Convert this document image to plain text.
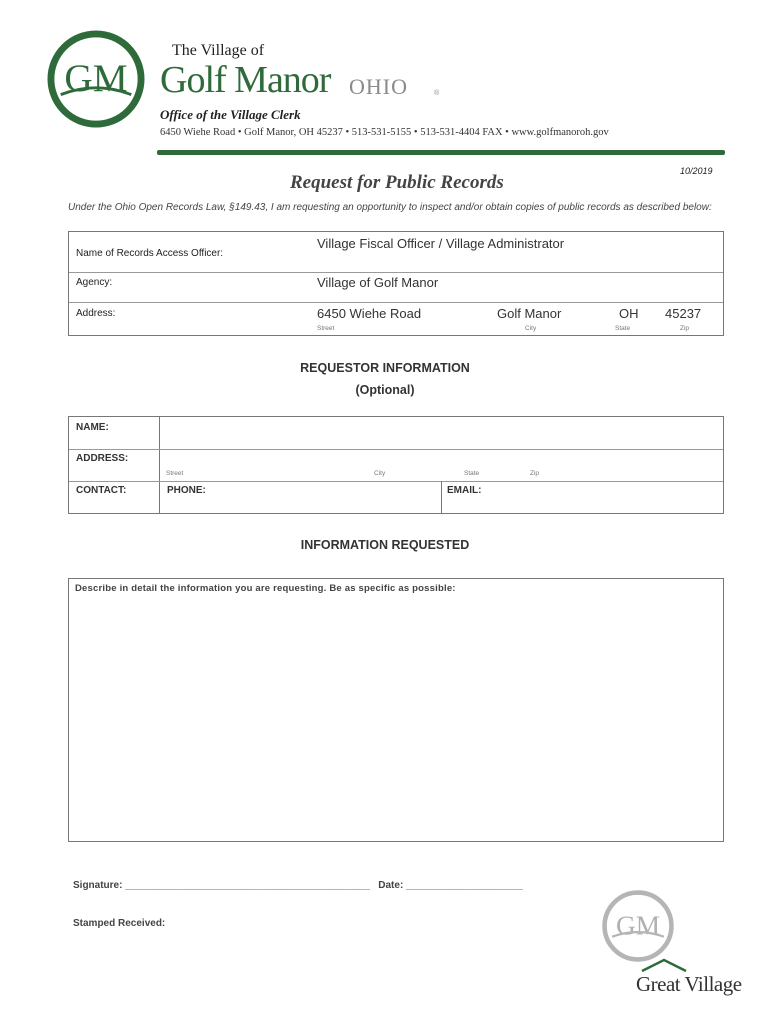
GM
The Village of
Golf Manor OHIO	®
Office of the Village Clerk
6450 Wiehe Road • Golf Manor, OH 45237 • 513-531-5155 • 513-531-4404 FAX • www.golfmanoroh.gov
10/2019
Request for Public Records
Under the Ohio Open Records Law, §149.43, I am requesting an opportunity to inspect and/or obtain copies of public records as described below:
Name of Records Access Officer:
Village Fiscal Officer / Village Administrator
Agency:	Village of Golf Manor
Address:	6450 Wiehe Road	Golf Manor	OH 45237
Street	City	State	Zip
REQUESTOR INFORMATION
(Optional)
NAME:
ADDRESS:
Street	City	State	Zip
CONTACT:	PHONE:	EMAIL:
INFORMATION REQUESTED
Describe in detail the information you are requesting. Be as specific as possible:
Signature: ____________________________________________   Date: _____________________
Stamped Received:	GM
Great Village
